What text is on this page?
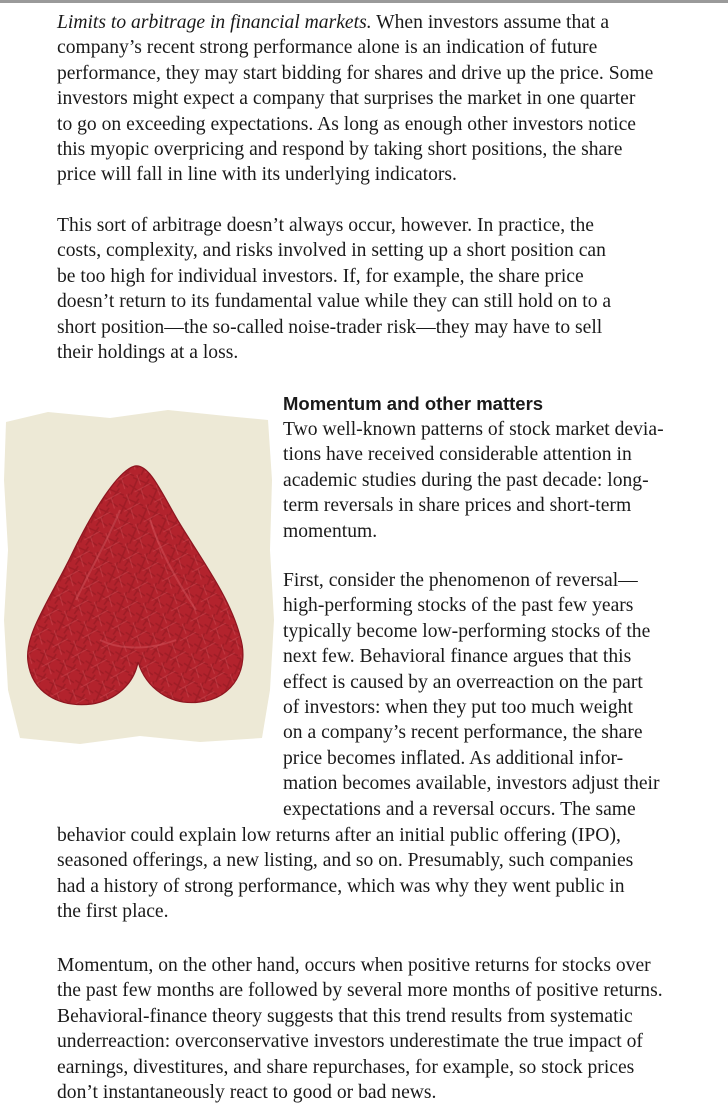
Limits to arbitrage in financial markets. When investors assume that a
company’s recent strong performance alone is an indication of future
performance, they may start bidding for shares and drive up the price. Some
investors might expect a company that surprises the market in one quarter
to go on exceeding expectations. As long as enough other investors notice
this myopic overpricing and respond by taking short positions, the share
price will fall in line with its underlying indicators.

This sort of arbitrage doesn’t always occur, however. In practice, the
costs, complexity, and risks involved in setting up a short position can
be too high for individual investors. If, for example, the share price
doesn’t return to its fundamental value while they can still hold on to a
short position—the so-called noise-trader risk—they may have to sell
their holdings at a loss.

Momentum and other matters

Two well-known patterns of stock market devia-
tions have received considerable attention in
academic studies during the past decade: long-
term reversals in share prices and short-term
momentum.

First, consider the phenomenon of reversal—
high-performing stocks of the past few years
typically become low-performing stocks of the
next few. Behavioral finance argues that this
effect is caused by an overreaction on the part
of investors: when they put too much weight
on a company’s recent performance, the share
price becomes inflated. As additional infor-
mation becomes available, investors adjust their
expectations and a reversal occurs. The same

behavior could explain low returns after an initial public offering (IPO),
seasoned offerings, a new listing, and so on. Presumably, such companies
had a history of strong performance, which was why they went public in
the first place.

Momentum, on the other hand, occurs when positive returns for stocks over
the past few months are followed by several more months of positive returns.
Behavioral-finance theory suggests that this trend results from systematic
underreaction: overconservative investors underestimate the true impact of
earnings, divestitures, and share repurchases, for example, so stock prices
don’t instantaneously react to good or bad news.
